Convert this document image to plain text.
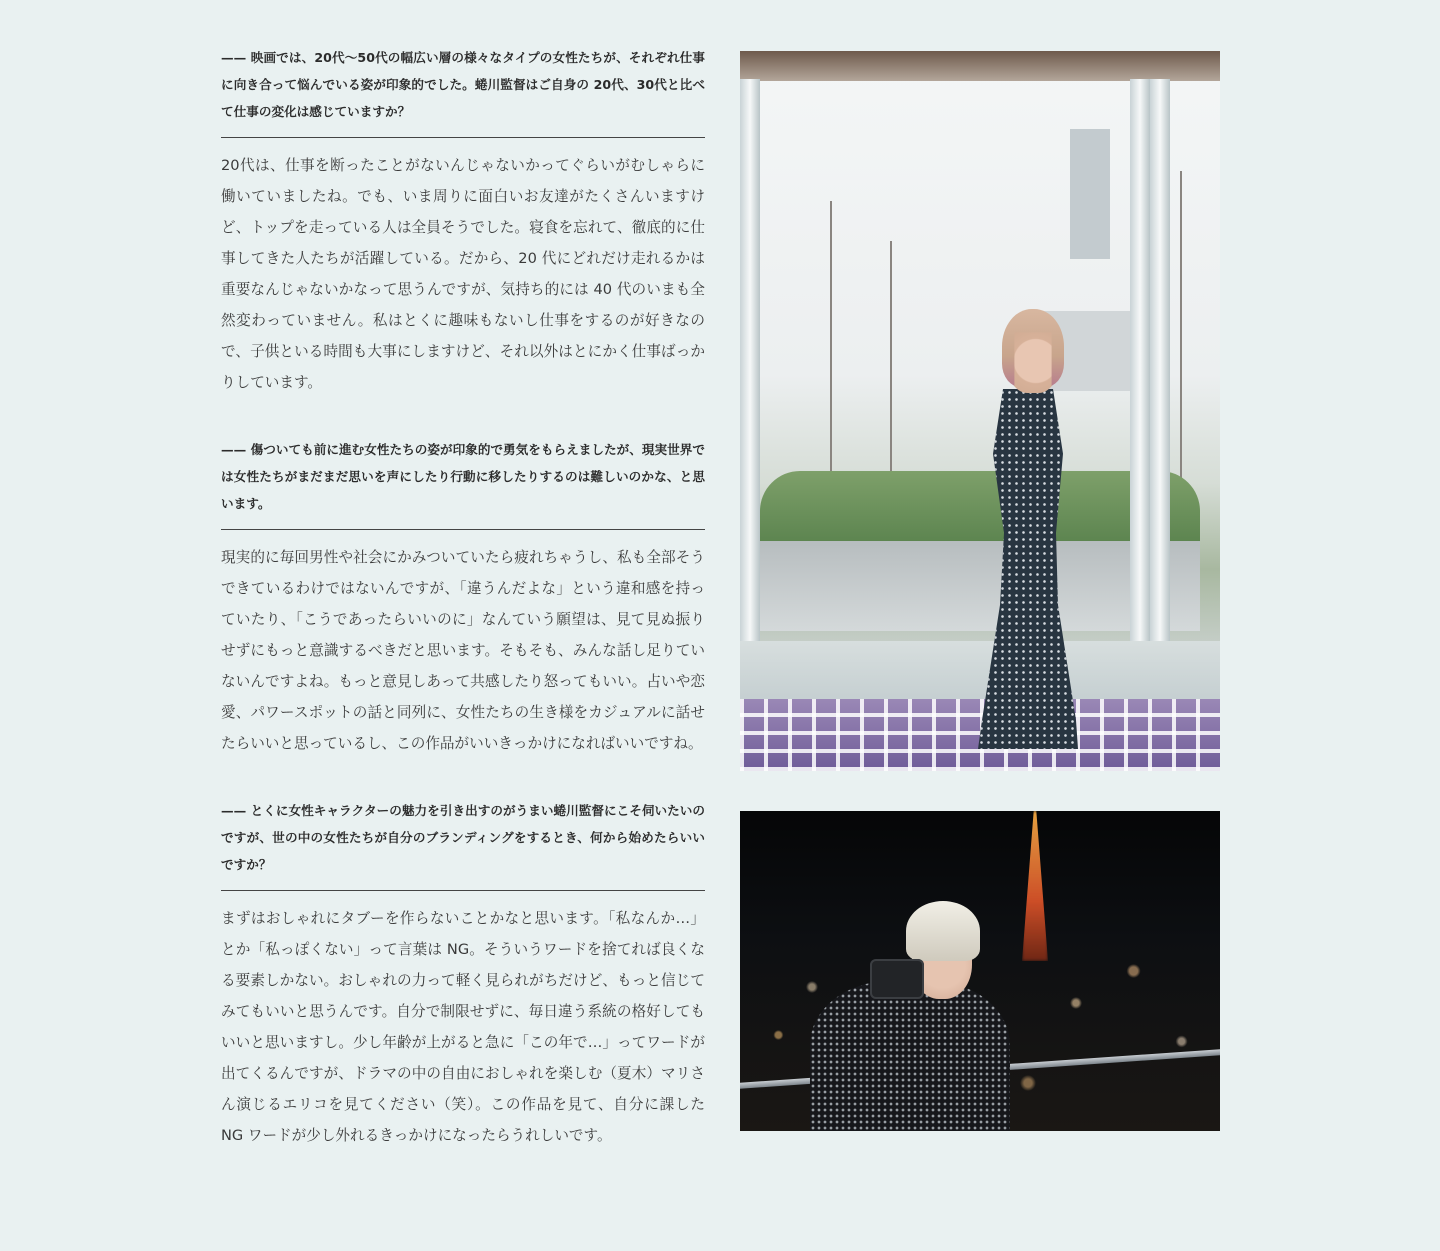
—— 映画では、20代～50代の幅広い層の様々なタイプの女性たちが、それぞれ仕事に向き合って悩んでいる姿が印象的でした。蜷川監督はご自身の 20代、30代と比べて仕事の変化は感じていますか？

20代は、仕事を断ったことがないんじゃないかってぐらいがむしゃらに働いていましたね。でも、いま周りに面白いお友達がたくさんいますけど、トップを走っている人は全員そうでした。寝食を忘れて、徹底的に仕事してきた人たちが活躍している。だから、20 代にどれだけ走れるかは重要なんじゃないかなって思うんですが、気持ち的には 40 代のいまも全然変わっていません。私はとくに趣味もないし仕事をするのが好きなので、子供といる時間も大事にしますけど、それ以外はとにかく仕事ばっかりしています。

—— 傷ついても前に進む女性たちの姿が印象的で勇気をもらえましたが、現実世界では女性たちがまだまだ思いを声にしたり行動に移したりするのは難しいのかな、と思います。

現実的に毎回男性や社会にかみついていたら疲れちゃうし、私も全部そうできているわけではないんですが、「違うんだよな」という違和感を持っていたり、「こうであったらいいのに」なんていう願望は、見て見ぬ振りせずにもっと意識するべきだと思います。そもそも、みんな話し足りていないんですよね。もっと意見しあって共感したり怒ってもいい。占いや恋愛、パワースポットの話と同列に、女性たちの生き様をカジュアルに話せたらいいと思っているし、この作品がいいきっかけになればいいですね。

—— とくに女性キャラクターの魅力を引き出すのがうまい蜷川監督にこそ伺いたいのですが、世の中の女性たちが自分のブランディングをするとき、何から始めたらいいですか？

まずはおしゃれにタブーを作らないことかなと思います。「私なんか…」とか「私っぽくない」って言葉は NG。そういうワードを捨てれば良くなる要素しかない。おしゃれの力って軽く見られがちだけど、もっと信じてみてもいいと思うんです。自分で制限せずに、毎日違う系統の格好してもいいと思いますし。少し年齢が上がると急に「この年で…」ってワードが出てくるんですが、ドラマの中の自由におしゃれを楽しむ（夏木）マリさん演じるエリコを見てください（笑）。この作品を見て、自分に課した NG ワードが少し外れるきっかけになったらうれしいです。
